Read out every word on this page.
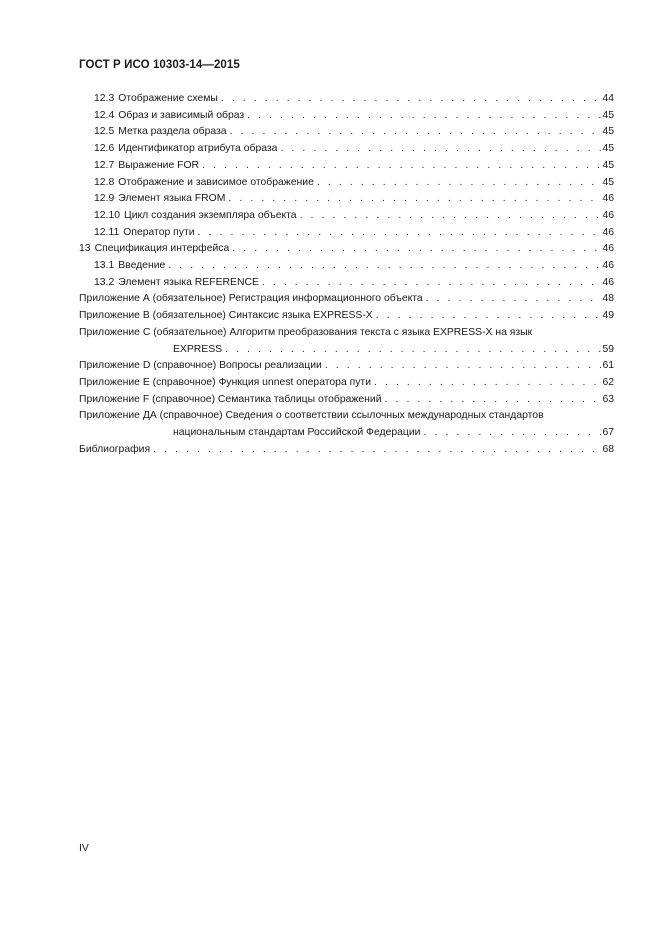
ГОСТ Р ИСО 10303-14—2015
12.3 Отображение схемы . . .	44
12.4 Образ и зависимый образ . . .	45
12.5 Метка раздела образа . . .	45
12.6 Идентификатор атрибута образа . . .	45
12.7 Выражение FOR . . .	45
12.8 Отображение и зависимое отображение . . .	45
12.9 Элемент языка FROM . . .	46
12.10 Цикл создания экземпляра объекта . . .	46
12.11 Оператор пути . . .	46
13 Спецификация интерфейса . . .	46
13.1 Введение . . .	46
13.2 Элемент языка REFERENCE . . .	46
Приложение А (обязательное) Регистрация информационного объекта . . .	48
Приложение В (обязательное) Синтаксис языка EXPRESS-X . . .	49
Приложение С (обязательное) Алгоритм преобразования текста с языка EXPRESS-X на язык
EXPRESS . . .	59
Приложение D (справочное) Вопросы реализации . . .	61
Приложение Е (справочное) Функция unnest оператора пути . . .	62
Приложение F (справочное) Семантика таблицы отображений . . .	63
Приложение ДА (справочное) Сведения о соответствии ссылочных международных стандартов
национальным стандартам Российской Федерации . . .	67
Библиография . . .	68
IV
